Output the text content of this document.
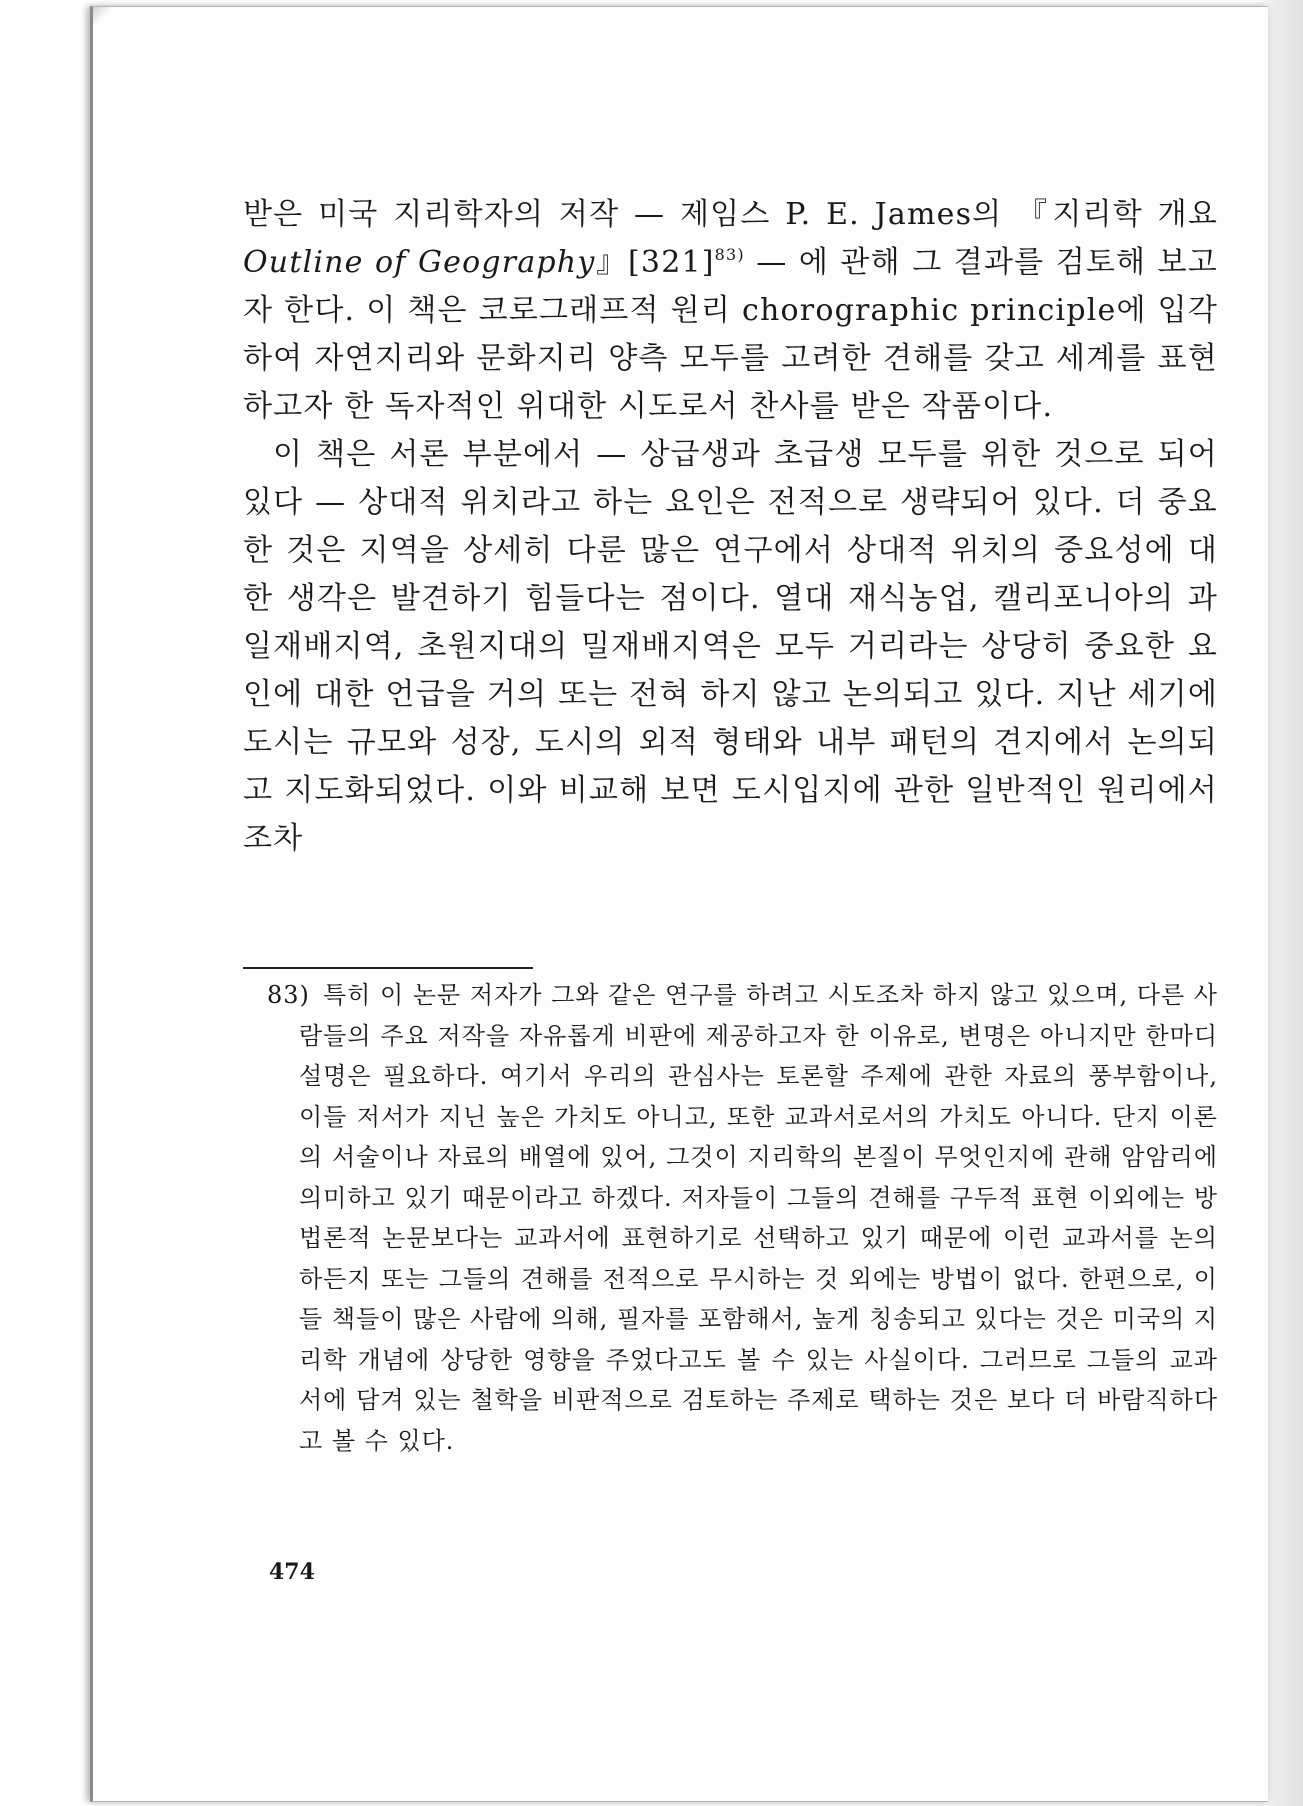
받은 미국 지리학자의 저작 — 제임스 P. E. James의 『지리학 개요 Outline of Geography』$[321]^{83)}$ — 에 관해 그 결과를 검토해 보고자 한다. 이 책은 코로그래프적 원리 chorographic principle에 입각하여 자연지리와 문화지리 양측 모두를 고려한 견해를 갖고 세계를 표현하고자 한 독자적인 위대한 시도로서 찬사를 받은 작품이다.

이 책은 서론 부분에서 — 상급생과 초급생 모두를 위한 것으로 되어 있다 — 상대적 위치라고 하는 요인은 전적으로 생략되어 있다. 더 중요한 것은 지역을 상세히 다룬 많은 연구에서 상대적 위치의 중요성에 대한 생각은 발견하기 힘들다는 점이다. 열대 재식농업, 캘리포니아의 과일재배지역, 초원지대의 밀재배지역은 모두 거리라는 상당히 중요한 요인에 대한 언급을 거의 또는 전혀 하지 않고 논의되고 있다. 지난 세기에 도시는 규모와 성장, 도시의 외적 형태와 내부 패턴의 견지에서 논의되고 지도화되었다. 이와 비교해 보면 도시입지에 관한 일반적인 원리에서조차

83) 특히 이 논문 저자가 그와 같은 연구를 하려고 시도조차 하지 않고 있으며, 다른 사람들의 주요 저작을 자유롭게 비판에 제공하고자 한 이유로, 변명은 아니지만 한마디 설명은 필요하다. 여기서 우리의 관심사는 토론할 주제에 관한 자료의 풍부함이나, 이들 저서가 지닌 높은 가치도 아니고, 또한 교과서로서의 가치도 아니다. 단지 이론의 서술이나 자료의 배열에 있어, 그것이 지리학의 본질이 무엇인지에 관해 암암리에 의미하고 있기 때문이라고 하겠다. 저자들이 그들의 견해를 구두적 표현 이외에는 방법론적 논문보다는 교과서에 표현하기로 선택하고 있기 때문에 이런 교과서를 논의하든지 또는 그들의 견해를 전적으로 무시하는 것 외에는 방법이 없다. 한편으로, 이들 책들이 많은 사람에 의해, 필자를 포함해서, 높게 칭송되고 있다는 것은 미국의 지리학 개념에 상당한 영향을 주었다고도 볼 수 있는 사실이다. 그러므로 그들의 교과서에 담겨 있는 철학을 비판적으로 검토하는 주제로 택하는 것은 보다 더 바람직하다고 볼 수 있다.
474
